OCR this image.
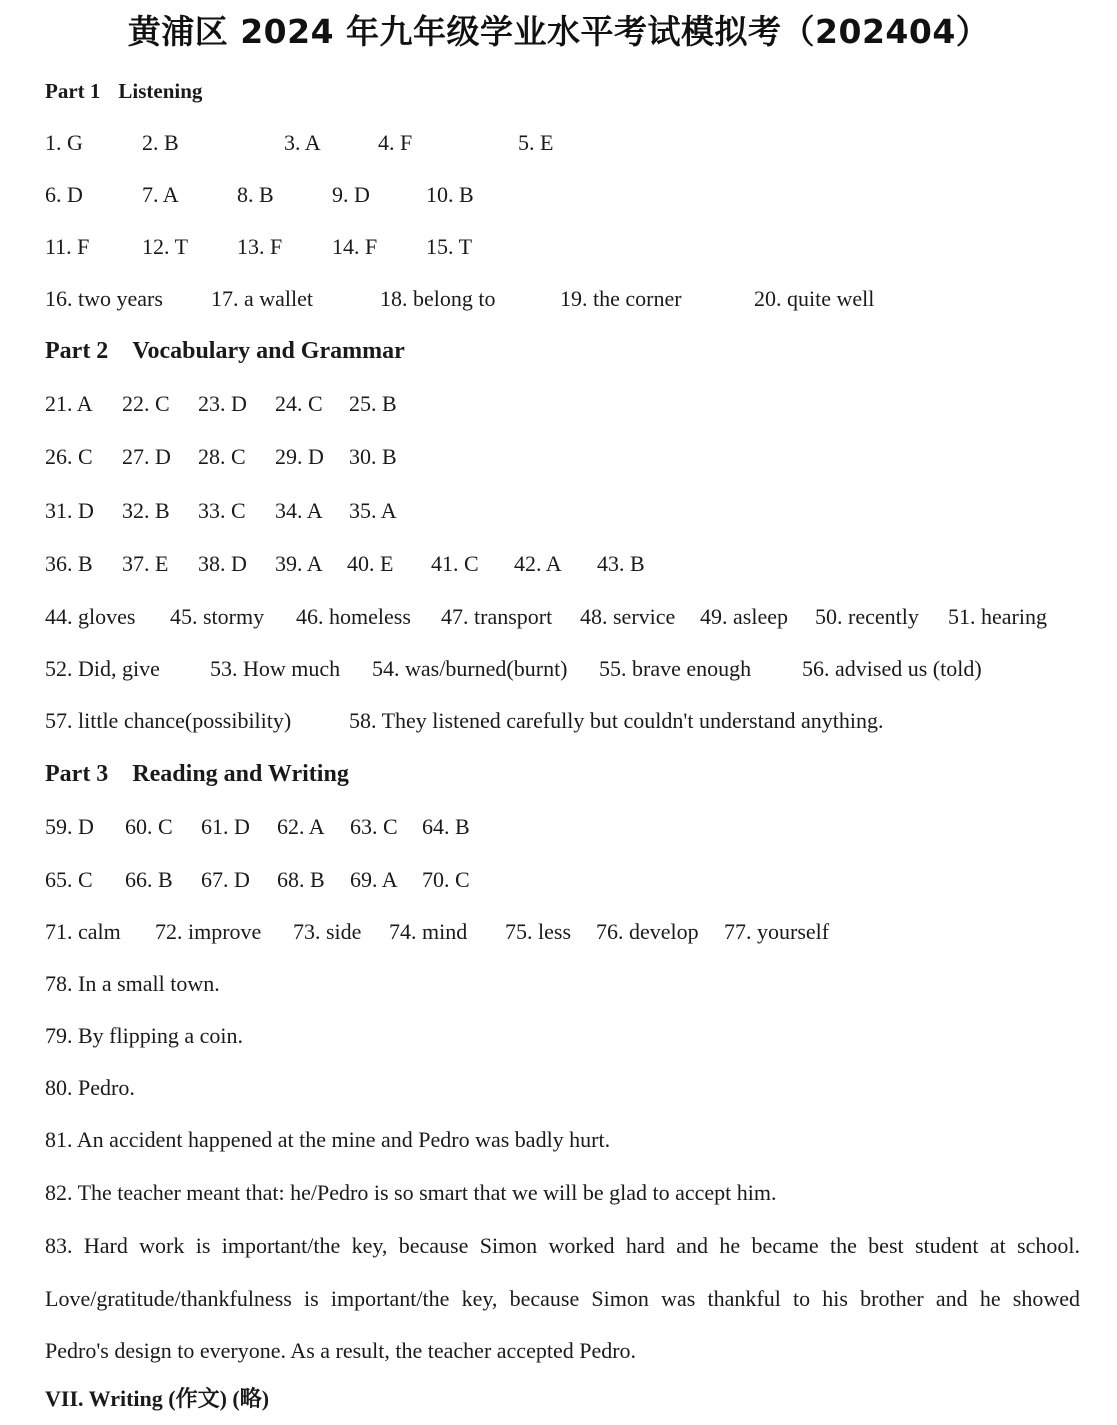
黄浦区 2024 年九年级学业水平考试模拟考（202404）
Part 1 Listening
1. G	2. B	3. A	4. F	5. E
6. D	7. A	8. B	9. D	10. B
11. F 12. T 13. F 14. F 15. T
16. two years 17. a wallet	18. belong to	19. the corner	20. quite well
Part 2 Vocabulary and Grammar
21. A 22. C 23. D 24. C 25. B
26. C 27. D 28. C 29. D 30. B
31. D 32. B 33. C 34. A 35. A
36. B 37. E 38. D 39. A 40. E 41. C 42. A 43. B
44. gloves 45. stormy 46. homeless 47. transport 48. service 49. asleep 50. recently 51. hearing
52. Did, give 53. How much 54. was/burned(burnt) 55. brave enough 56. advised us (told)
57. little chance(possibility)	58. They listened carefully but couldn't understand anything.
Part 3 Reading and Writing
59. D 60. C 61. D 62. A 63. C 64. B
65. C 66. B 67. D 68. B 69. A 70. C
71. calm 72. improve 73. side 74. mind 75. less 76. develop 77. yourself
78. In a small town.
79. By flipping a coin.
80. Pedro.
81. An accident happened at the mine and Pedro was badly hurt.
82. The teacher meant that: he/Pedro is so smart that we will be glad to accept him.
83. Hard work is important/the key, because Simon worked hard and he became the best student at school.
Love/gratitude/thankfulness is important/the key, because Simon was thankful to his brother and he showed
Pedro's design to everyone. As a result, the teacher accepted Pedro.
VII. Writing (作文) (略)
